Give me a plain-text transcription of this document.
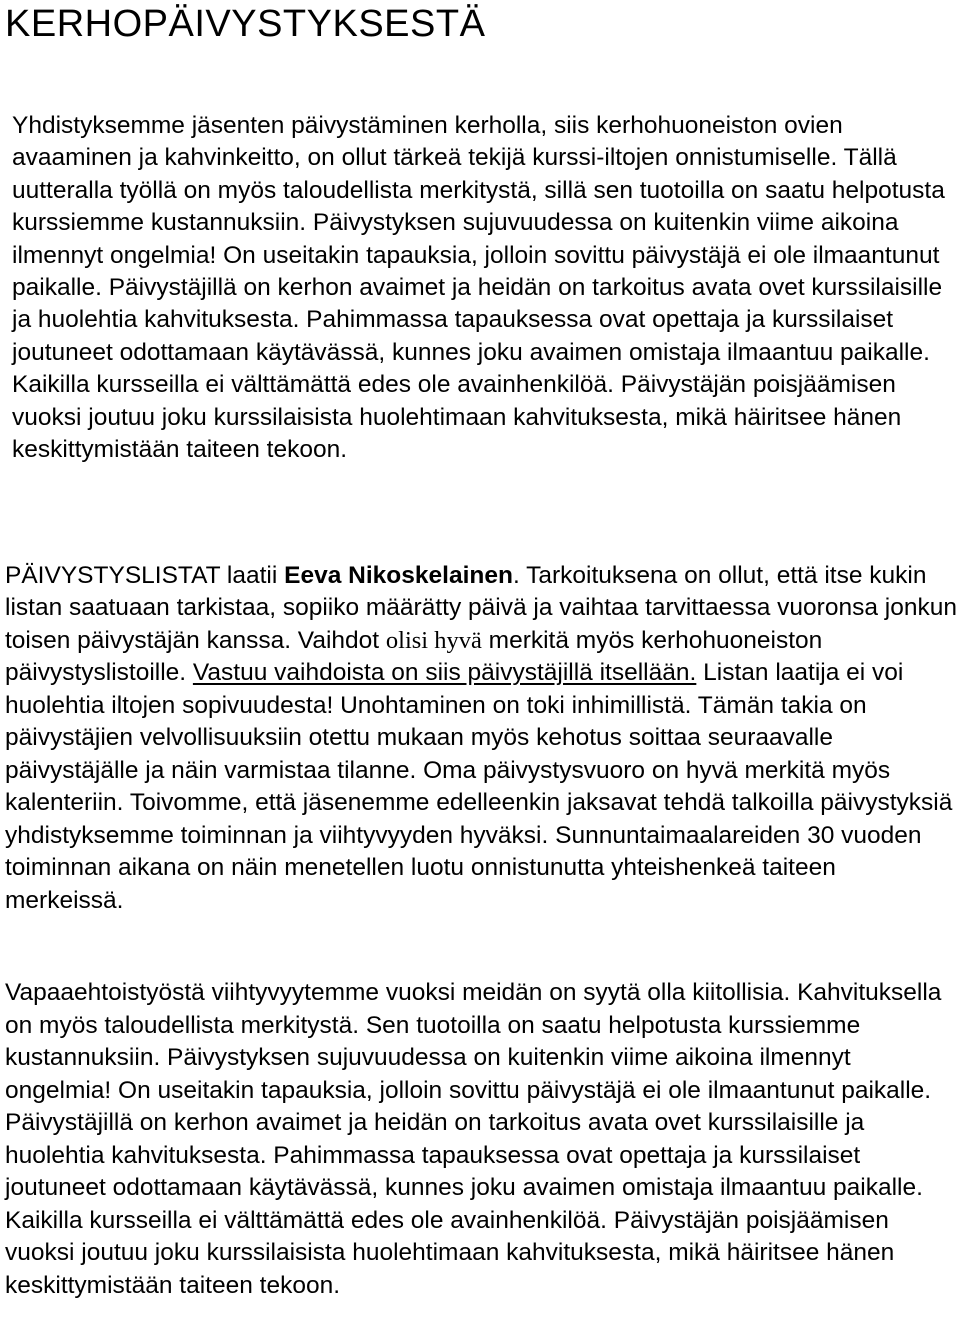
KERHOPÄIVYSTYKSESTÄ

Yhdistyksemme jäsenten päivystäminen kerholla, siis kerhohuoneiston ovien avaaminen ja kahvinkeitto, on ollut tärkeä tekijä kurssi-iltojen onnistumiselle. Tällä uutteralla työllä on myös taloudellista merkitystä, sillä sen tuotoilla on saatu helpotusta kurssiemme kustannuksiin. Päivystyksen sujuvuudessa on kuitenkin viime aikoina ilmennyt ongelmia! On useitakin tapauksia, jolloin sovittu päivystäjä ei ole ilmaantunut paikalle. Päivystäjillä on kerhon avaimet ja heidän on tarkoitus avata ovet kurssilaisille ja huolehtia kahvituksesta. Pahimmassa tapauksessa ovat opettaja ja kurssilaiset joutuneet odottamaan käytävässä, kunnes joku avaimen omistaja ilmaantuu paikalle. Kaikilla kursseilla ei välttämättä edes ole avainhenkilöä. Päivystäjän poisjäämisen vuoksi joutuu joku kurssilaisista huolehtimaan kahvituksesta, mikä häiritsee hänen keskittymistään taiteen tekoon.

PÄIVYSTYSLISTAT laatii Eeva Nikoskelainen. Tarkoituksena on ollut, että itse kukin listan saatuaan tarkistaa, sopiiko määrätty päivä ja vaihtaa tarvittaessa vuoronsa jonkun toisen päivystäjän kanssa. Vaihdot olisi hyvä merkitä myös kerhohuoneiston päivystyslistoille. Vastuu vaihdoista on siis päivystäjillä itsellään. Listan laatija ei voi huolehtia iltojen sopivuudesta! Unohtaminen on toki inhimillistä. Tämän takia on päivystäjien velvollisuuksiin otettu mukaan myös kehotus soittaa seuraavalle päivystäjälle ja näin varmistaa tilanne. Oma päivystysvuoro on hyvä merkitä myös kalenteriin. Toivomme, että jäsenemme edelleenkin jaksavat tehdä talkoilla päivystyksiä yhdistyksemme toiminnan ja viihtyvyyden hyväksi. Sunnuntaimaalareiden 30 vuoden toiminnan aikana on näin menetellen luotu onnistunutta yhteishenkeä taiteen merkeissä.

Vapaaehtoistyöstä viihtyvyytemme vuoksi meidän on syytä olla kiitollisia. Kahvituksella on myös taloudellista merkitystä. Sen tuotoilla on saatu helpotusta kurssiemme kustannuksiin. Päivystyksen sujuvuudessa on kuitenkin viime aikoina ilmennyt ongelmia! On useitakin tapauksia, jolloin sovittu päivystäjä ei ole ilmaantunut paikalle. Päivystäjillä on kerhon avaimet ja heidän on tarkoitus avata ovet kurssilaisille ja huolehtia kahvituksesta. Pahimmassa tapauksessa ovat opettaja ja kurssilaiset joutuneet odottamaan käytävässä, kunnes joku avaimen omistaja ilmaantuu paikalle. Kaikilla kursseilla ei välttämättä edes ole avainhenkilöä. Päivystäjän poisjäämisen vuoksi joutuu joku kurssilaisista huolehtimaan kahvituksesta, mikä häiritsee hänen keskittymistään taiteen tekoon.
